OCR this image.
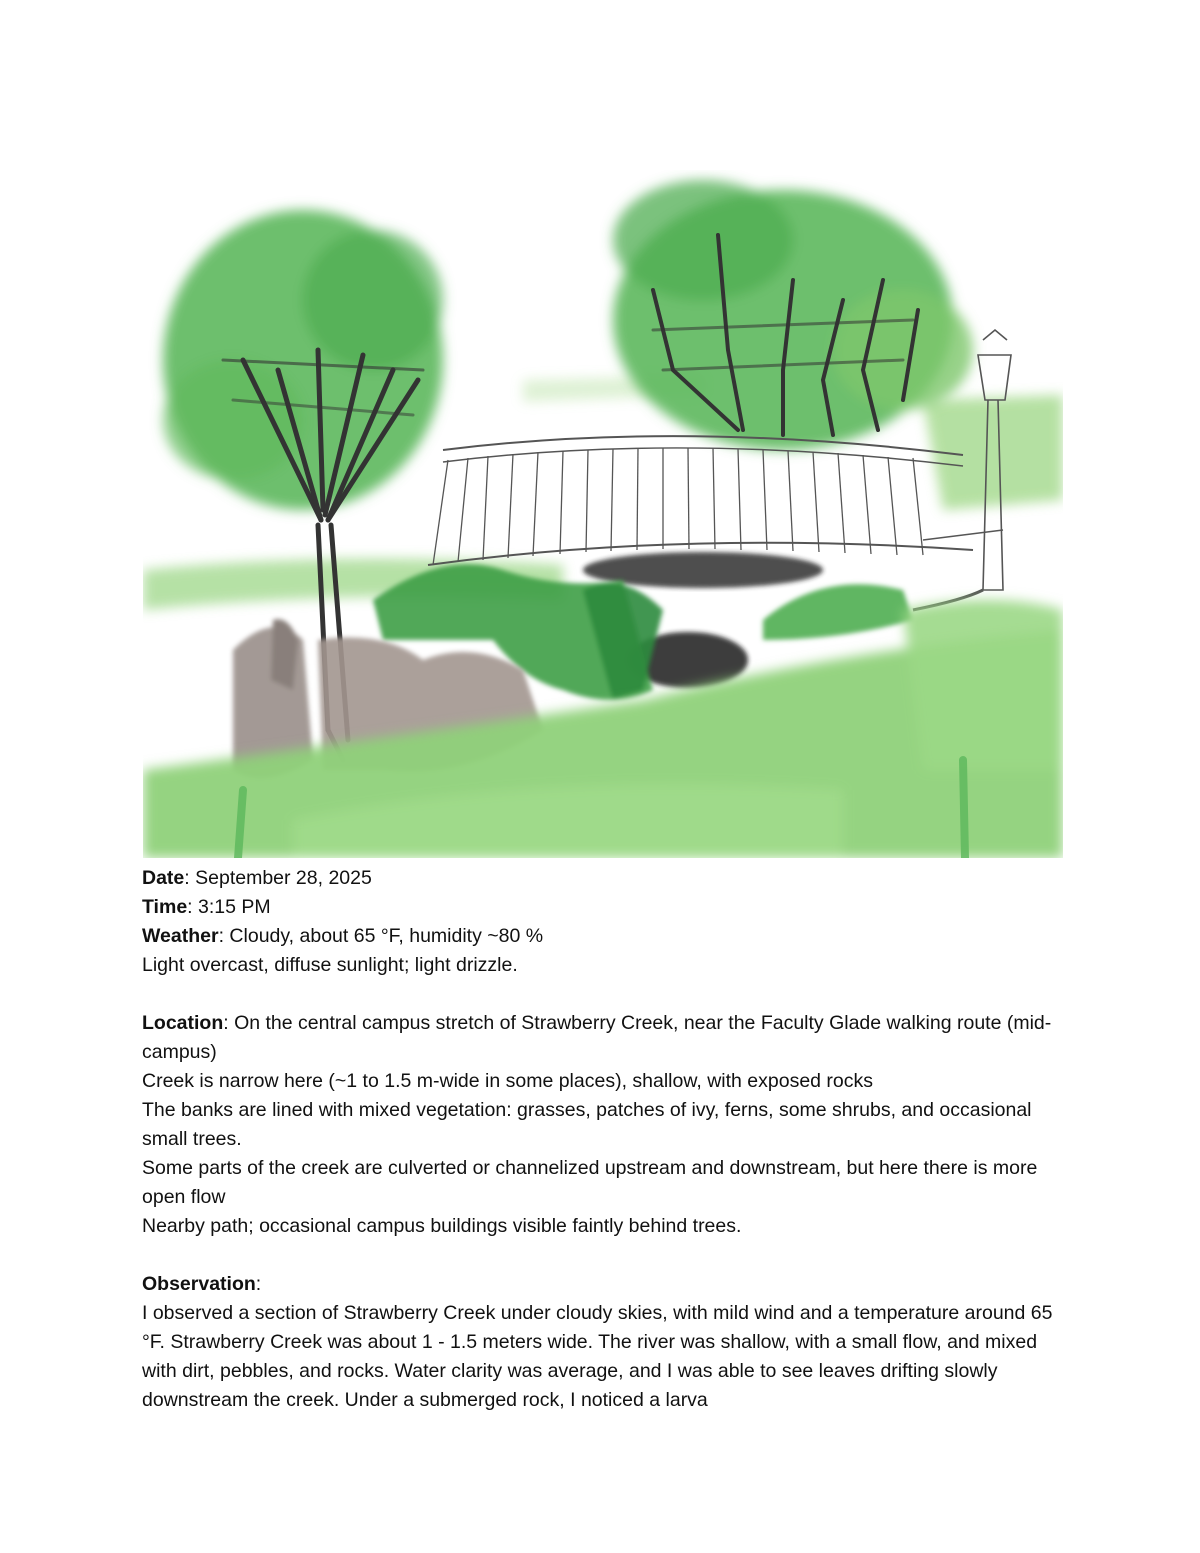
Date: September 28, 2025
Time: 3:15 PM
Weather: Cloudy, about 65 °F, humidity ~80 %
Light overcast, diffuse sunlight; light drizzle.
Location: On the central campus stretch of Strawberry Creek, near the Faculty Glade walking route (mid-campus)
Creek is narrow here (~1 to 1.5 m-wide in some places), shallow, with exposed rocks
The banks are lined with mixed vegetation: grasses, patches of ivy, ferns, some shrubs, and occasional small trees.
Some parts of the creek are culverted or channelized upstream and downstream, but here there is more open flow
Nearby path; occasional campus buildings visible faintly behind trees.
Observation:
I observed a section of Strawberry Creek under cloudy skies, with mild wind and a temperature around 65 °F. Strawberry Creek was about 1 - 1.5 meters wide. The river was shallow, with a small flow, and mixed with dirt, pebbles, and rocks. Water clarity was average, and I was able to see leaves drifting slowly downstream the creek. Under a submerged rock, I noticed a larva
